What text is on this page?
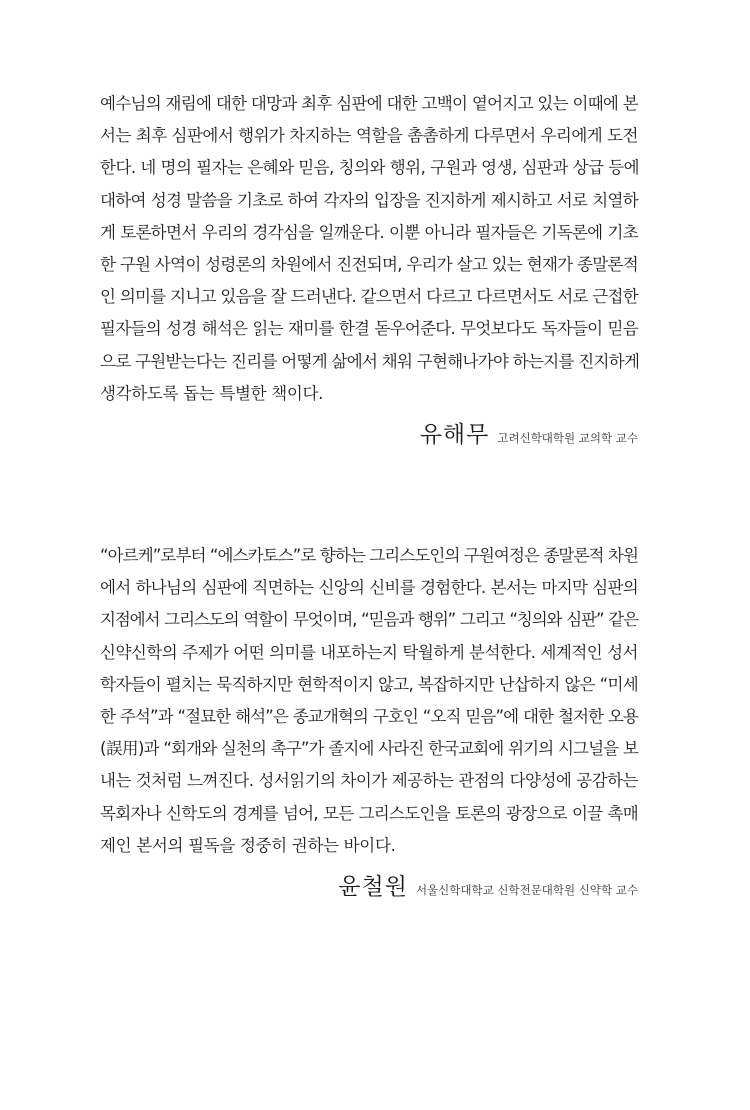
예수님의 재림에 대한 대망과 최후 심판에 대한 고백이 옅어지고 있는 이때에 본
서는 최후 심판에서 행위가 차지하는 역할을 촘촘하게 다루면서 우리에게 도전
한다. 네 명의 필자는 은혜와 믿음, 칭의와 행위, 구원과 영생, 심판과 상급 등에
대하여 성경 말씀을 기초로 하여 각자의 입장을 진지하게 제시하고 서로 치열하
게 토론하면서 우리의 경각심을 일깨운다. 이뿐 아니라 필자들은 기독론에 기초
한 구원 사역이 성령론의 차원에서 진전되며, 우리가 살고 있는 현재가 종말론적
인 의미를 지니고 있음을 잘 드러낸다. 같으면서 다르고 다르면서도 서로 근접한
필자들의 성경 해석은 읽는 재미를 한결 돋우어준다. 무엇보다도 독자들이 믿음
으로 구원받는다는 진리를 어떻게 삶에서 채워 구현해나가야 하는지를 진지하게
생각하도록 돕는 특별한 책이다.
유해무 고려신학대학원 교의학 교수
“아르케”로부터 “에스카토스”로 향하는 그리스도인의 구원여정은 종말론적 차원
에서 하나님의 심판에 직면하는 신앙의 신비를 경험한다. 본서는 마지막 심판의
지점에서 그리스도의 역할이 무엇이며, “믿음과 행위” 그리고 “칭의와 심판” 같은
신약신학의 주제가 어떤 의미를 내포하는지 탁월하게 분석한다. 세계적인 성서
학자들이 펼치는 묵직하지만 현학적이지 않고, 복잡하지만 난삽하지 않은 “미세
한 주석”과 “절묘한 해석”은 종교개혁의 구호인 “오직 믿음”에 대한 철저한 오용
(誤用)과 “회개와 실천의 촉구”가 졸지에 사라진 한국교회에 위기의 시그널을 보
내는 것처럼 느껴진다. 성서읽기의 차이가 제공하는 관점의 다양성에 공감하는
목회자나 신학도의 경계를 넘어, 모든 그리스도인을 토론의 광장으로 이끌 촉매
제인 본서의 필독을 정중히 권하는 바이다.
윤철원 서울신학대학교 신학전문대학원 신약학 교수
